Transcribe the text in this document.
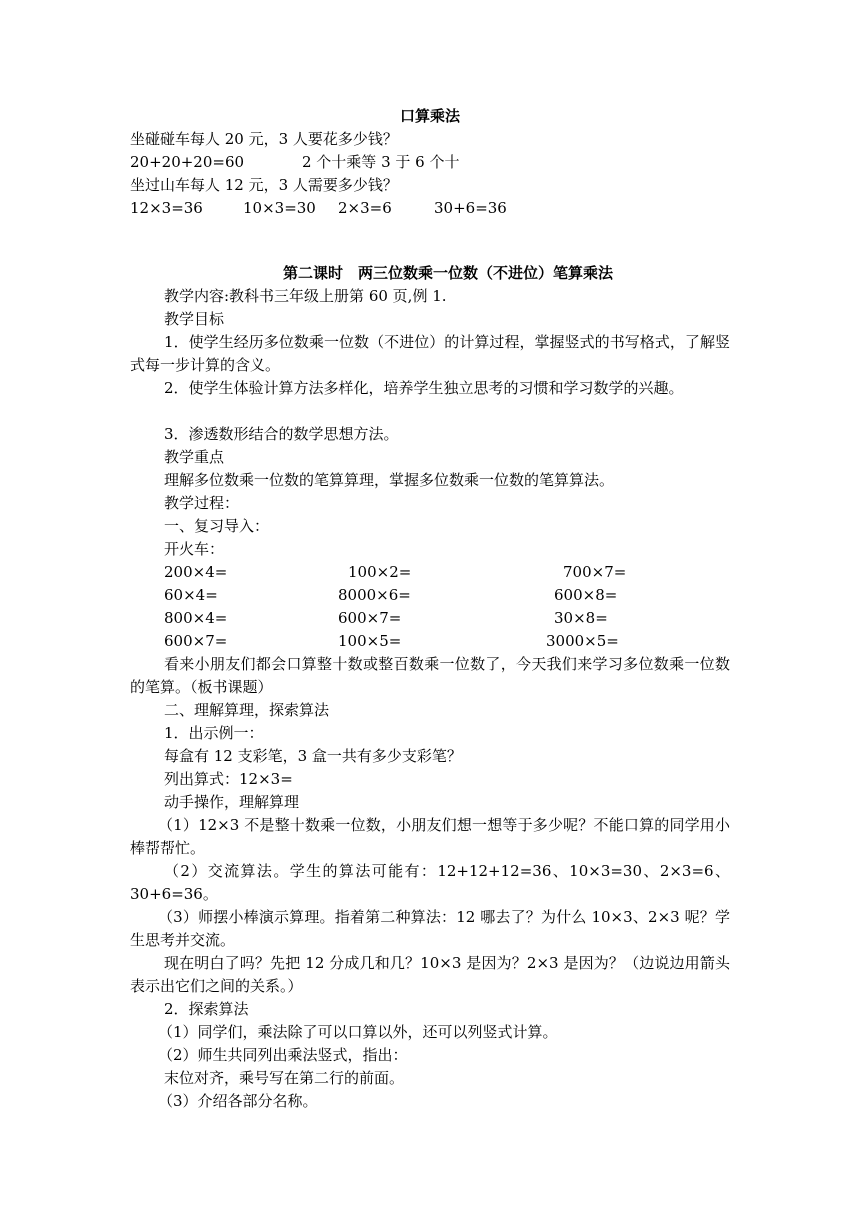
口算乘法
坐碰碰车每人 20 元，3 人要花多少钱？
20+20+20=60	2 个十乘等 3 于 6 个十
坐过山车每人 12 元，3 人需要多少钱？
12×3=36	10×3=30 2×3=6	30+6=36
第二课时　两三位数乘一位数（不进位）笔算乘法
教学内容:教科书三年级上册第 60 页,例 1.
教学目标
1．使学生经历多位数乘一位数（不进位）的计算过程，掌握竖式的书写格式，了解竖式每一步计算的含义。
2．使学生体验计算方法多样化，培养学生独立思考的习惯和学习数学的兴趣。
3．渗透数形结合的数学思想方法。
教学重点
理解多位数乘一位数的笔算算理，掌握多位数乘一位数的笔算算法。
教学过程：
一、复习导入：
开火车：
200×4=	100×2=	700×7=
60×4=	8000×6=	600×8=
800×4=	600×7=	30×8=
600×7=	100×5=	3000×5=
看来小朋友们都会口算整十数或整百数乘一位数了，今天我们来学习多位数乘一位数的笔算。（板书课题）
二、理解算理，探索算法
1．出示例一：
每盒有 12 支彩笔，3 盒一共有多少支彩笔？
列出算式：12×3=
动手操作，理解算理
（1）12×3 不是整十数乘一位数，小朋友们想一想等于多少呢？不能口算的同学用小棒帮帮忙。
（2）交流算法。学生的算法可能有：12+12+12=36、10×3=30、2×3=6、30+6=36。
（3）师摆小棒演示算理。指着第二种算法：12 哪去了？为什么 10×3、2×3 呢？学生思考并交流。
现在明白了吗？先把 12 分成几和几？10×3 是因为？2×3 是因为？（边说边用箭头表示出它们之间的关系。）
2．探索算法
（1）同学们，乘法除了可以口算以外，还可以列竖式计算。
（2）师生共同列出乘法竖式，指出：
末位对齐，乘号写在第二行的前面。
（3）介绍各部分名称。
